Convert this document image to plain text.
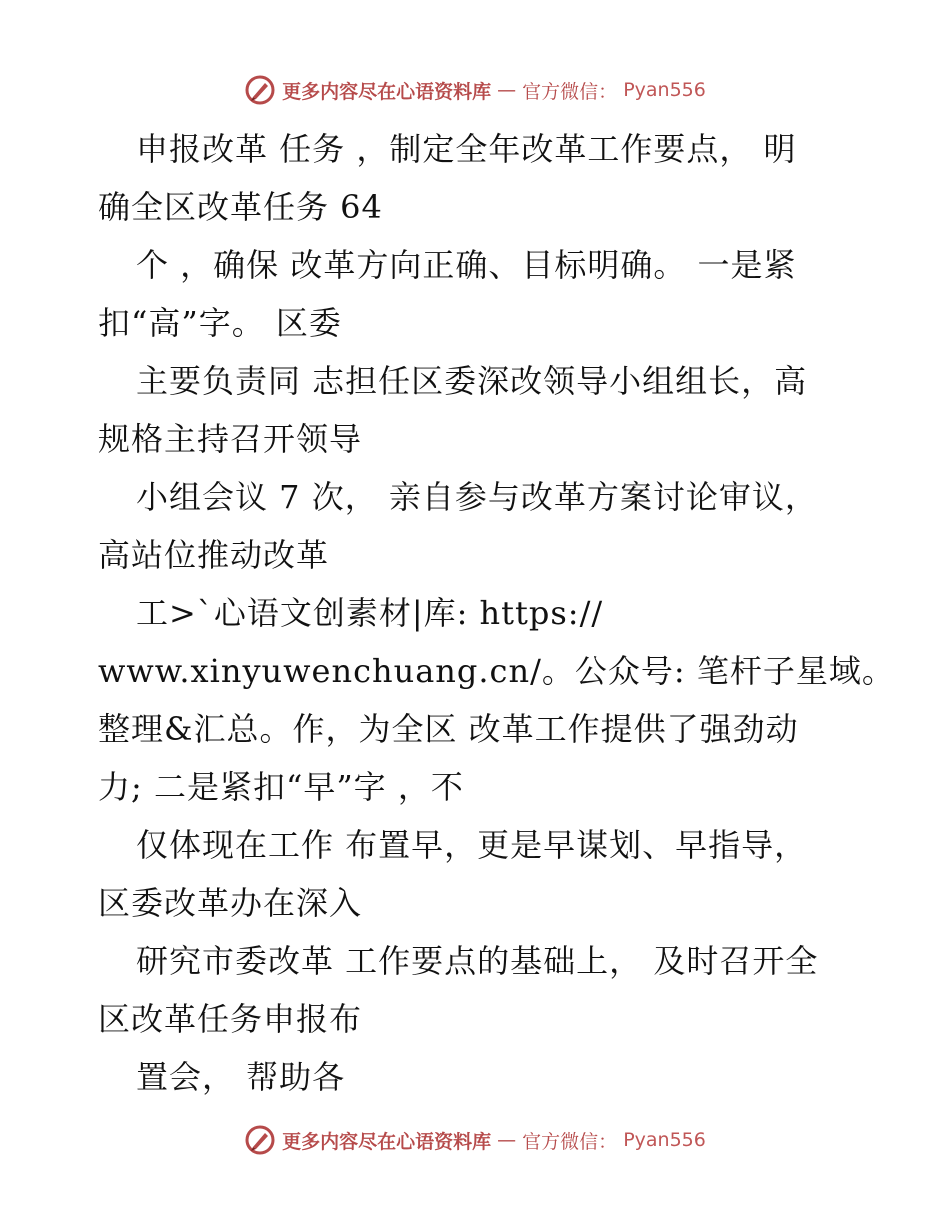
更多内容尽在心语资料库 — 官方微信： Pyan556
申报改革 任务 ，制定全年改革工作要点， 明
确全区改革任务 64
个 ，确保 改革方向正确、目标明确。 一是紧
扣“高”字。 区委
主要负责同 志担任区委深改领导小组组长，高
规格主持召开领导
小组会议 7 次， 亲自参与改革方案讨论审议，
高站位推动改革
工>`心语文创素材|库: https://
www.xinyuwenchuang.cn/。公众号: 笔杆子星域。
整理&汇总。作，为全区 改革工作提供了强劲动
力; 二是紧扣“早”字 ，不
仅体现在工作 布置早，更是早谋划、早指导，
区委改革办在深入
研究市委改革 工作要点的基础上， 及时召开全
区改革任务申报布
置会， 帮助各
更多内容尽在心语资料库 — 官方微信： Pyan556
